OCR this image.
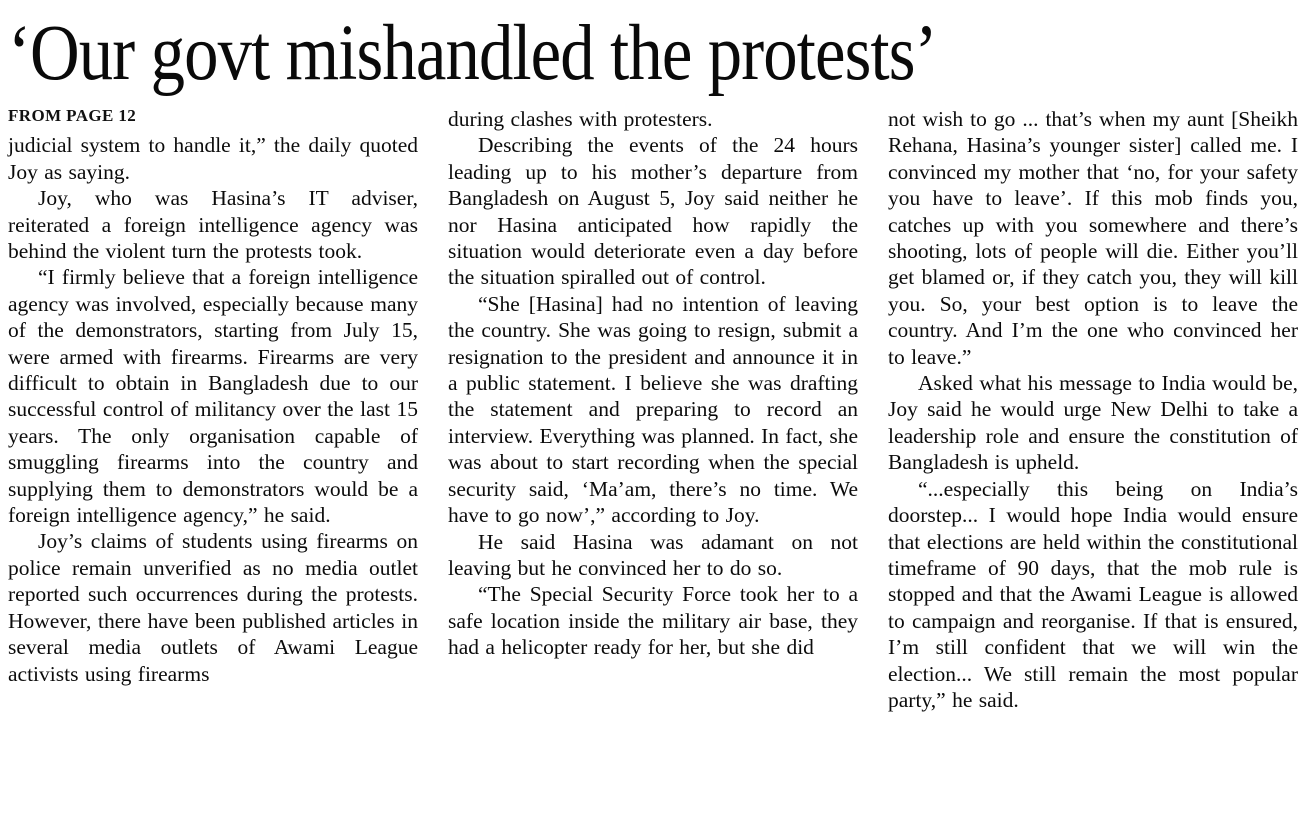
‘Our govt mishandled the protests’
FROM PAGE 12

judicial system to handle it,” the daily quoted Joy as saying.

Joy, who was Hasina’s IT adviser, reiterated a foreign intelligence agency was behind the violent turn the protests took.

“I firmly believe that a foreign intelligence agency was involved, especially because many of the demonstrators, starting from July 15, were armed with firearms. Firearms are very difficult to obtain in Bangladesh due to our successful control of militancy over the last 15 years. The only organisation capable of smuggling firearms into the country and supplying them to demonstrators would be a foreign intelligence agency,” he said.

Joy’s claims of students using firearms on police remain unverified as no media outlet reported such occurrences during the protests. However, there have been published articles in several media outlets of Awami League activists using firearms

during clashes with protesters.

Describing the events of the 24 hours leading up to his mother’s departure from Bangladesh on August 5, Joy said neither he nor Hasina anticipated how rapidly the situation would deteriorate even a day before the situation spiralled out of control.

“She [Hasina] had no intention of leaving the country. She was going to resign, submit a resignation to the president and announce it in a public statement. I believe she was drafting the statement and preparing to record an interview. Everything was planned. In fact, she was about to start recording when the special security said, ‘Ma’am, there’s no time. We have to go now’,” according to Joy.

He said Hasina was adamant on not leaving but he convinced her to do so.

“The Special Security Force took her to a safe location inside the military air base, they had a helicopter ready for her, but she did

not wish to go ... that’s when my aunt [Sheikh Rehana, Hasina’s younger sister] called me. I convinced my mother that ‘no, for your safety you have to leave’. If this mob finds you, catches up with you somewhere and there’s shooting, lots of people will die. Either you’ll get blamed or, if they catch you, they will kill you. So, your best option is to leave the country. And I’m the one who convinced her to leave.”

Asked what his message to India would be, Joy said he would urge New Delhi to take a leadership role and ensure the constitution of Bangladesh is upheld.

“...especially this being on India’s doorstep... I would hope India would ensure that elections are held within the constitutional timeframe of 90 days, that the mob rule is stopped and that the Awami League is allowed to campaign and reorganise. If that is ensured, I’m still confident that we will win the election... We still remain the most popular party,” he said.
